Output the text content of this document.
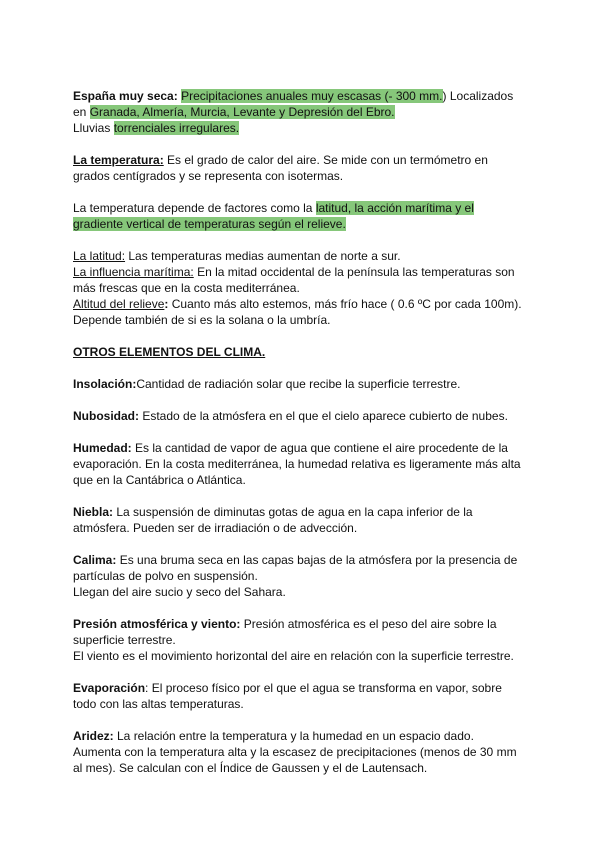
España muy seca: Precipitaciones anuales muy escasas (- 300 mm.) Localizados
en Granada, Almería, Murcia, Levante y Depresión del Ebro.
Lluvias torrenciales irregulares.
La temperatura: Es el grado de calor del aire. Se mide con un termómetro en
grados centígrados y se representa con isotermas.
La temperatura depende de factores como la latitud, la acción marítima y el
gradiente vertical de temperaturas según el relieve.
La latitud: Las temperaturas medias aumentan de norte a sur.
La influencia marítima: En la mitad occidental de la península las temperaturas son
más frescas que en la costa mediterránea.
Altitud del relieve: Cuanto más alto estemos, más frío hace ( 0.6 ºC por cada 100m).
Depende también de si es la solana o la umbría.
OTROS ELEMENTOS DEL CLIMA.
Insolación:Cantidad de radiación solar que recibe la superficie terrestre.
Nubosidad: Estado de la atmósfera en el que el cielo aparece cubierto de nubes.
Humedad: Es la cantidad de vapor de agua que contiene el aire procedente de la
evaporación. En la costa mediterránea, la humedad relativa es ligeramente más alta
que en la Cantábrica o Atlántica.
Niebla: La suspensión de diminutas gotas de agua en la capa inferior de la
atmósfera. Pueden ser de irradiación o de advección.
Calima: Es una bruma seca en las capas bajas de la atmósfera por la presencia de
partículas de polvo en suspensión.
Llegan del aire sucio y seco del Sahara.
Presión atmosférica y viento: Presión atmosférica es el peso del aire sobre la
superficie terrestre.
El viento es el movimiento horizontal del aire en relación con la superficie terrestre.
Evaporación: El proceso físico por el que el agua se transforma en vapor, sobre
todo con las altas temperaturas.
Aridez: La relación entre la temperatura y la humedad en un espacio dado.
Aumenta con la temperatura alta y la escasez de precipitaciones (menos de 30 mm
al mes). Se calculan con el Índice de Gaussen y el de Lautensach.
